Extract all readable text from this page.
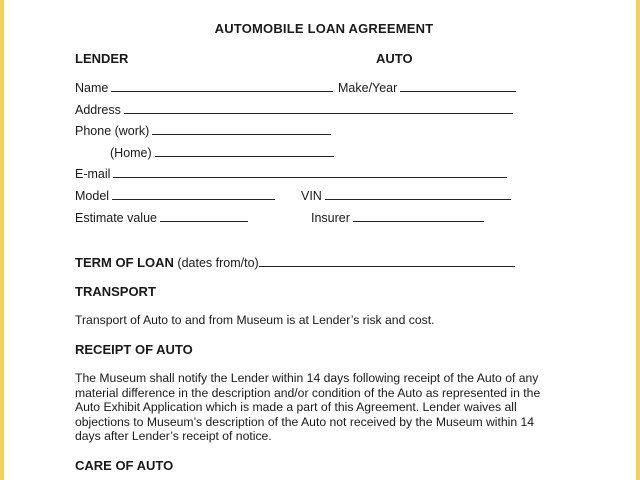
AUTOMOBILE LOAN AGREEMENT
LENDER	AUTO
Name	Make/Year
Address
Phone (work)
(Home)
E-mail
Model	VIN
Estimate value	Insurer
TERM OF LOAN (dates from/to)
TRANSPORT
Transport of Auto to and from Museum is at Lender’s risk and cost.
RECEIPT OF AUTO
The Museum shall notify the Lender within 14 days following receipt of the Auto of any material difference in the description and/or condition of the Auto as represented in the Auto Exhibit Application which is made a part of this Agreement. Lender waives all objections to Museum’s description of the Auto not received by the Museum within 14 days after Lender’s receipt of notice.
CARE OF AUTO
